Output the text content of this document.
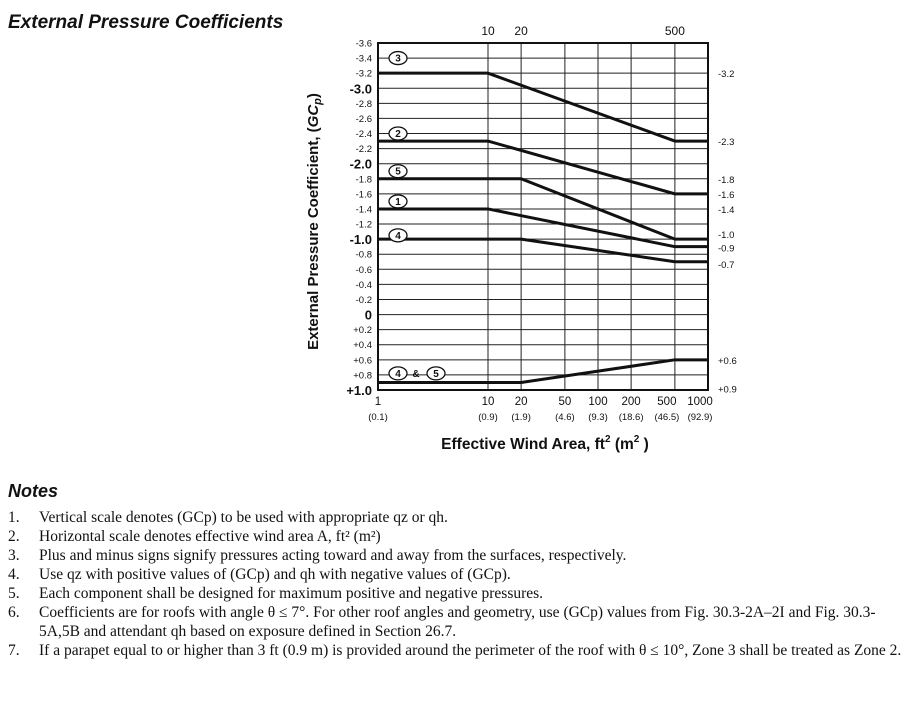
External Pressure Coefficients
-3.6
-3.4
-3.2
-3.0
-2.8
-2.6
-2.4
-2.2
-2.0
-1.8
-1.6
-1.4
-1.2
-1.0
-0.8
-0.6
-0.4
-0.2
0
+0.2
+0.4
+0.6
+0.8
+1.0
10 20	500
1
(0.1)
10
(0.9)
20
(1.9)
50
(4.6)
100
(9.3)
200
(18.6)
500
(46.5)
1000
(92.9)
-3.2
-2.3
-1.8
-1.6
-1.4
-1.0
-0.9
-0.7
+0.6
+0.9
3
2
5
1
4
4 & 5
External Pressure Coefficient, $(GC_p)$
Effective Wind Area, $ft^2$ ($m^2$ )
Notes
1.	Vertical scale denotes (GCp) to be used with appropriate qz or qh.
2.	Horizontal scale denotes effective wind area A, ft² (m²)
3.	Plus and minus signs signify pressures acting toward and away from the surfaces, respectively.
4.	Use qz with positive values of (GCp) and qh with negative values of (GCp).
5.	Each component shall be designed for maximum positive and negative pressures.
6.	Coefficients are for roofs with angle θ ≤ 7°. For other roof angles and geometry, use (GCp) values from Fig. 30.3-2A–2I and Fig. 30.3-5A,5B and attendant qh based on exposure defined in Section 26.7.
7.	If a parapet equal to or higher than 3 ft (0.9 m) is provided around the perimeter of the roof with θ ≤ 10°, Zone 3 shall be treated as Zone 2.
